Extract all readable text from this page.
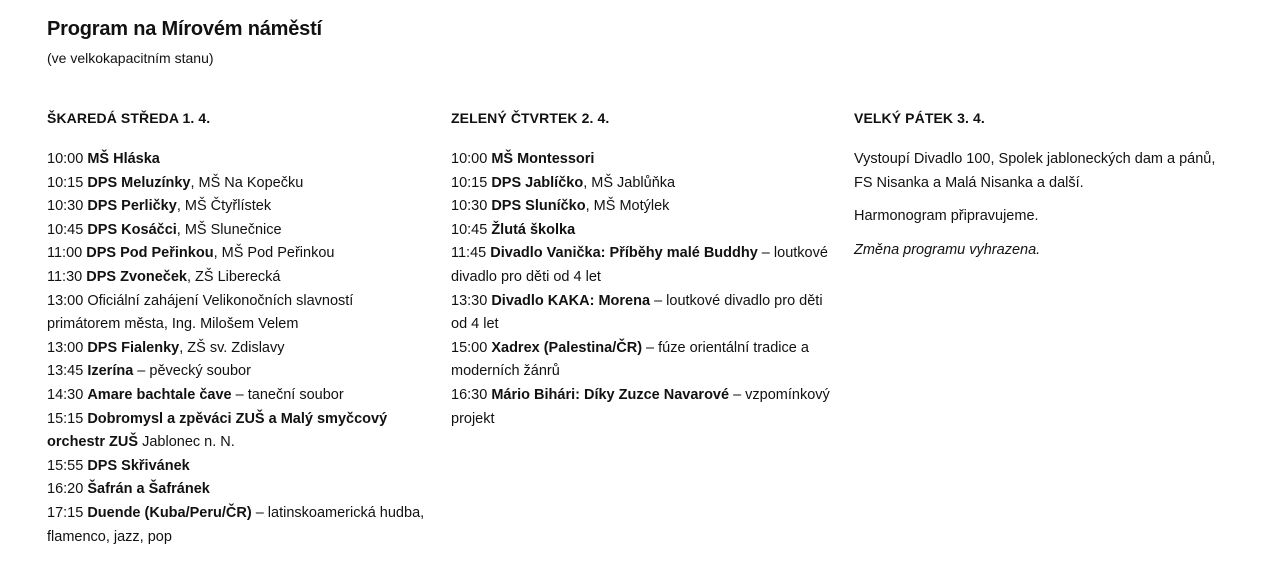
Program na Mírovém náměstí

(ve velkokapacitním stanu)

ŠKAREDÁ STŘEDA 1. 4.

10:00 MŠ Hláska
10:15 DPS Meluzínky, MŠ Na Kopečku
10:30 DPS Perličky, MŠ Čtyřlístek
10:45 DPS Kosáčci, MŠ Slunečnice
11:00 DPS Pod Peřinkou, MŠ Pod Peřinkou
11:30 DPS Zvoneček, ZŠ Liberecká
13:00 Oficiální zahájení Velikonočních slavností primátorem města, Ing. Milošem Velem
13:00 DPS Fialenky, ZŠ sv. Zdislavy
13:45 Izerína – pěvecký soubor
14:30 Amare bachtale čave – taneční soubor
15:15 Dobromysl a zpěváci ZUŠ a Malý smyčcový orchestr ZUŠ Jablonec n. N.
15:55 DPS Skřivánek
16:20 Šafrán a Šafránek
17:15 Duende (Kuba/Peru/ČR) – latinskoamerická hudba, flamenco, jazz, pop

ZELENÝ ČTVRTEK 2. 4.

10:00 MŠ Montessori
10:15 DPS Jablíčko, MŠ Jablůňka
10:30 DPS Sluníčko, MŠ Motýlek
10:45 Žlutá školka
11:45 Divadlo Vanička: Příběhy malé Buddhy – loutkové divadlo pro děti od 4 let
13:30 Divadlo KAKA: Morena – loutkové divadlo pro děti od 4 let
15:00 Xadrex (Palestina/ČR) – fúze orientální tradice a moderních žánrů
16:30 Mário Bihári: Díky Zuzce Navarové – vzpomínkový projekt

VELKÝ PÁTEK 3. 4.

Vystoupí Divadlo 100, Spolek jabloneckých dam a pánů, FS Nisanka a Malá Nisanka a další.

Harmonogram připravujeme.

Změna programu vyhrazena.
